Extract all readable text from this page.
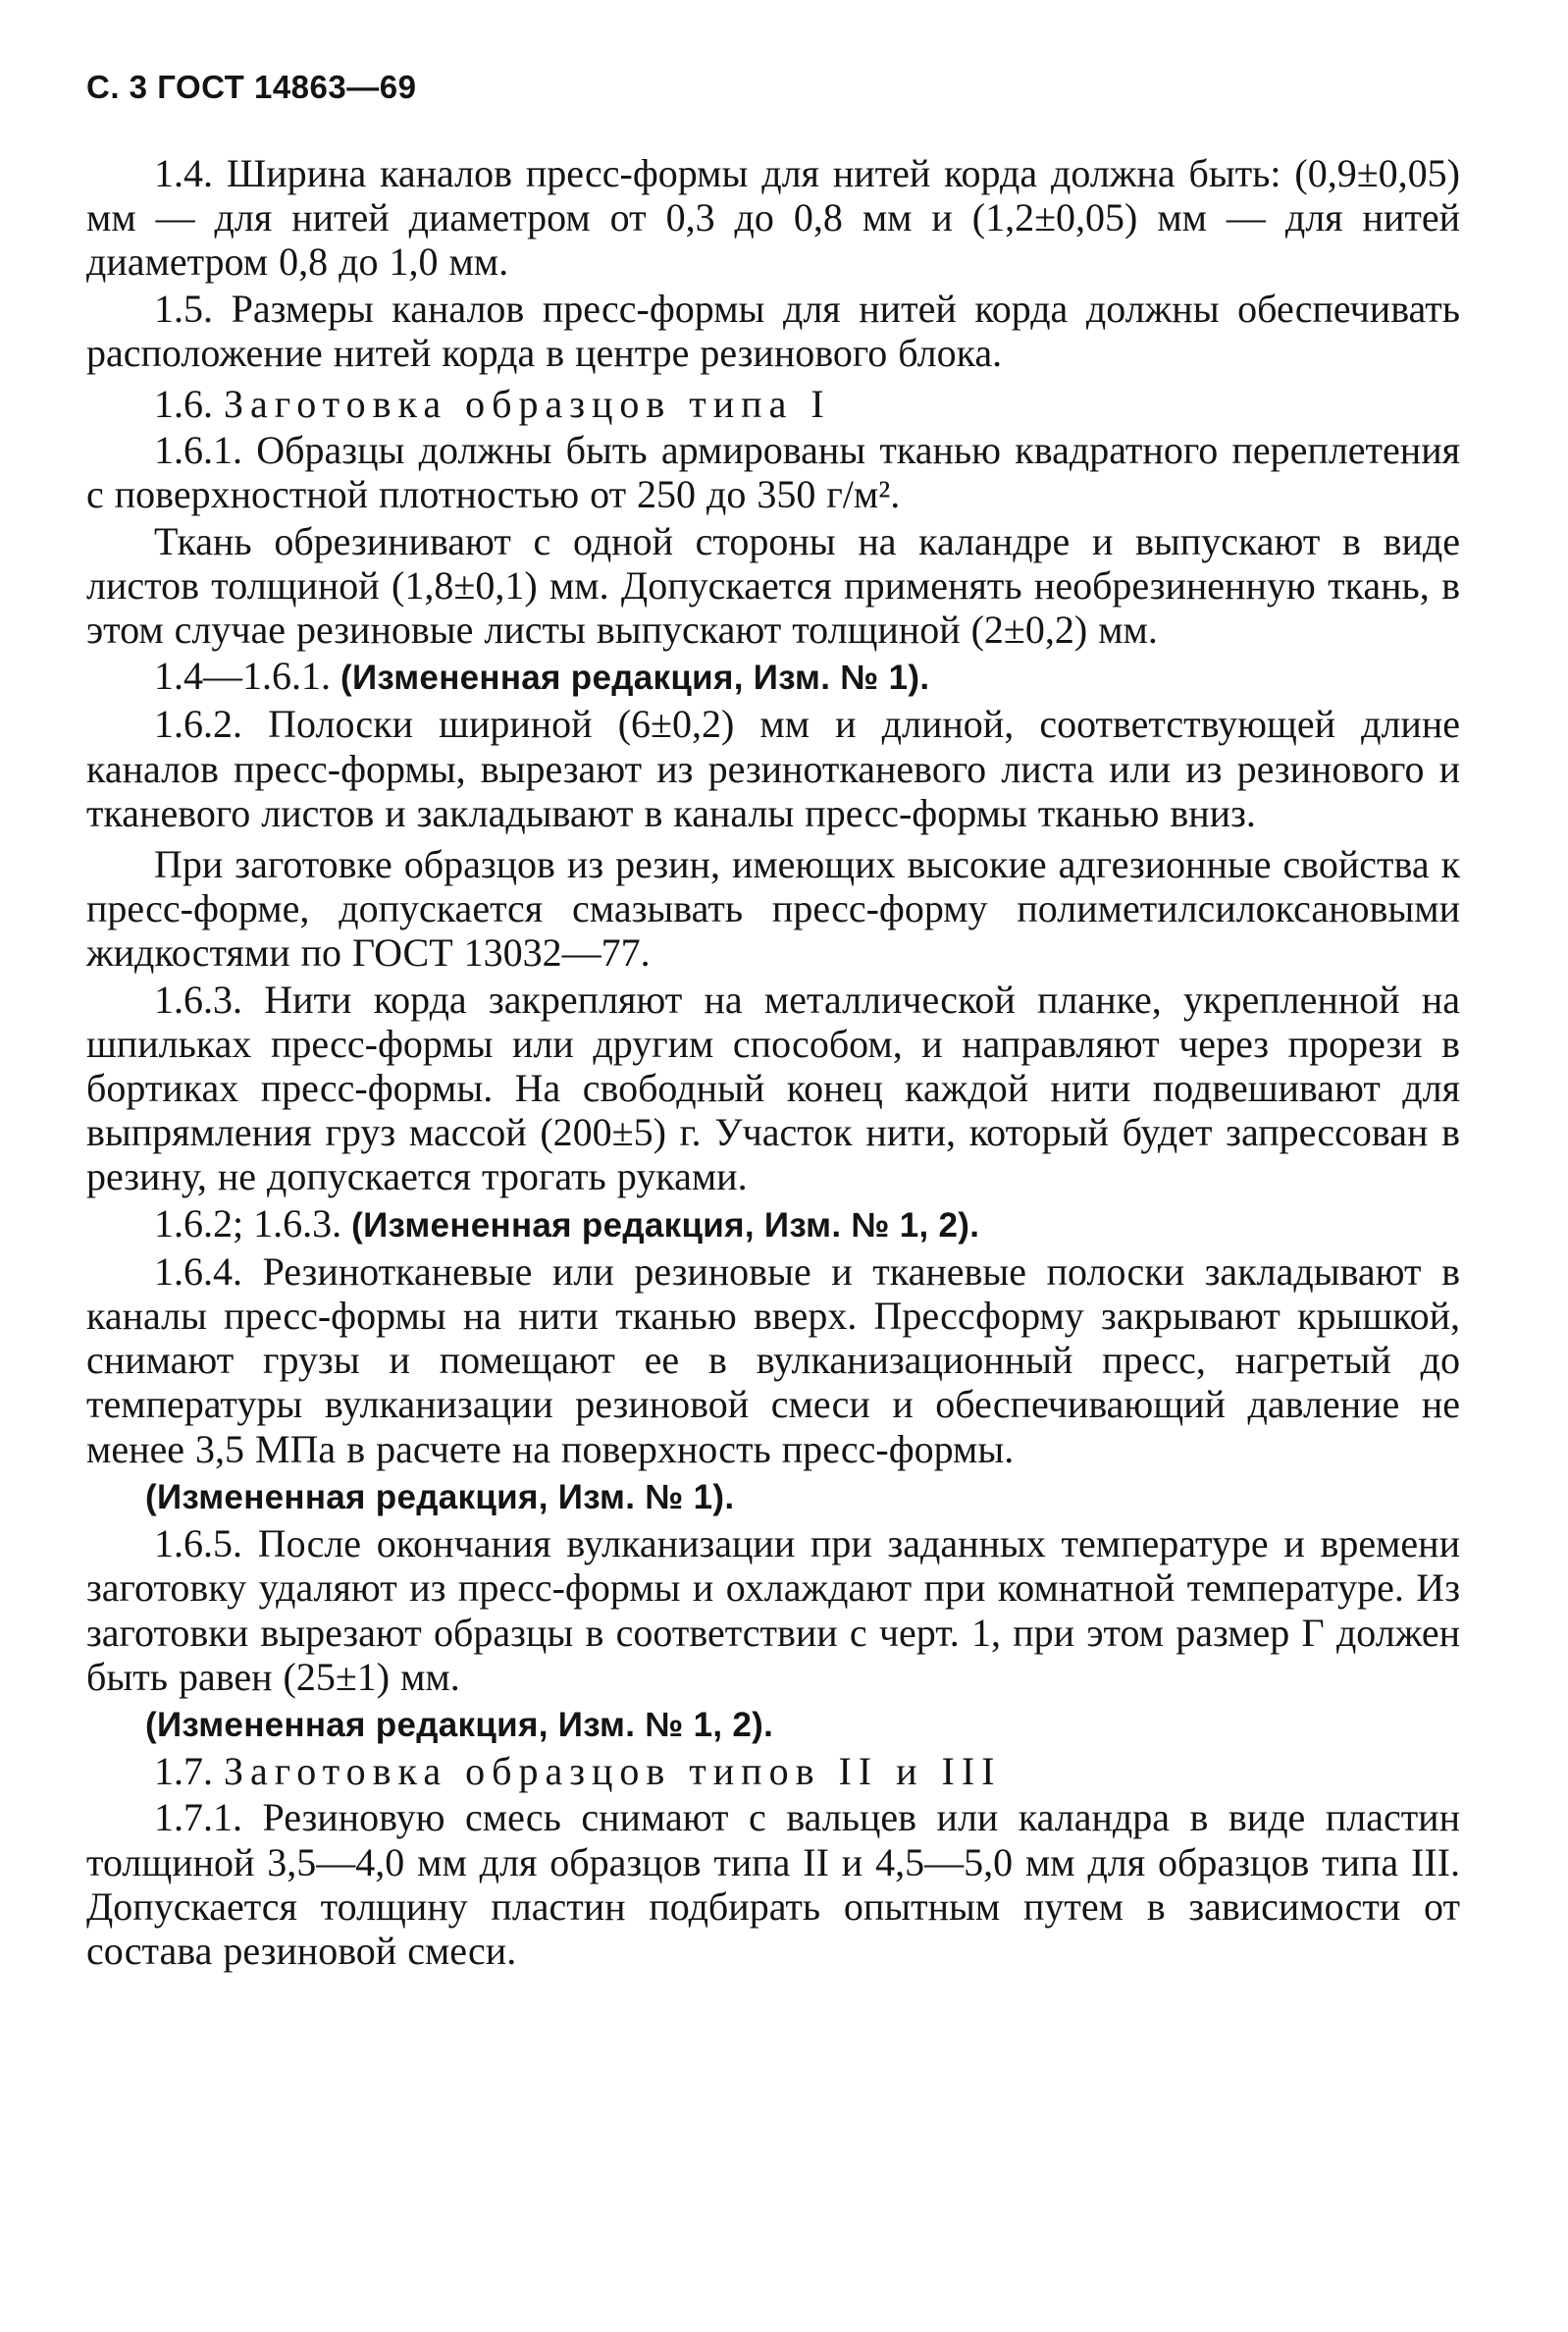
С. 3 ГОСТ 14863—69

1.4. Ширина каналов пресс-формы для нитей корда должна быть: (0,9±0,05) мм — для нитей диаметром от 0,3 до 0,8 мм и (1,2±0,05) мм — для нитей диаметром 0,8 до 1,0 мм.

1.5. Размеры каналов пресс-формы для нитей корда должны обеспечивать расположение нитей корда в центре резинового блока.

1.6. Заготовка образцов типа I

1.6.1. Образцы должны быть армированы тканью квадратного переплетения с поверхностной плотностью от 250 до 350 г/м².

Ткань обрезинивают с одной стороны на каландре и выпускают в виде листов толщиной (1,8±0,1) мм. Допускается применять необрезиненную ткань, в этом случае резиновые листы выпускают толщиной (2±0,2) мм.

1.4—1.6.1. (Измененная редакция, Изм. № 1).

1.6.2. Полоски шириной (6±0,2) мм и длиной, соответствующей длине каналов пресс-формы, вырезают из резинотканевого листа или из резинового и тканевого листов и закладывают в каналы пресс-формы тканью вниз.

При заготовке образцов из резин, имеющих высокие адгезионные свойства к пресс-форме, допускается смазывать пресс-форму полиметилсилоксановыми жидкостями по ГОСТ 13032—77.

1.6.3. Нити корда закрепляют на металлической планке, укрепленной на шпильках пресс-формы или другим способом, и направляют через прорези в бортиках пресс-формы. На свободный конец каждой нити подвешивают для выпрямления груз массой (200±5) г. Участок нити, который будет запрессован в резину, не допускается трогать руками.

1.6.2; 1.6.3. (Измененная редакция, Изм. № 1, 2).

1.6.4. Резинотканевые или резиновые и тканевые полоски закладывают в каналы пресс-формы на нити тканью вверх. Прессформу закрывают крышкой, снимают грузы и помещают ее в вулканизационный пресс, нагретый до температуры вулканизации резиновой смеси и обеспечивающий давление не менее 3,5 МПа в расчете на поверхность пресс-формы.

(Измененная редакция, Изм. № 1).

1.6.5. После окончания вулканизации при заданных температуре и времени заготовку удаляют из пресс-формы и охлаждают при комнатной температуре. Из заготовки вырезают образцы в соответствии с черт. 1, при этом размер Г должен быть равен (25±1) мм.

(Измененная редакция, Изм. № 1, 2).

1.7. Заготовка образцов типов II и III

1.7.1. Резиновую смесь снимают с вальцев или каландра в виде пластин толщиной 3,5—4,0 мм для образцов типа II и 4,5—5,0 мм для образцов типа III. Допускается толщину пластин подбирать опытным путем в зависимости от состава резиновой смеси.
